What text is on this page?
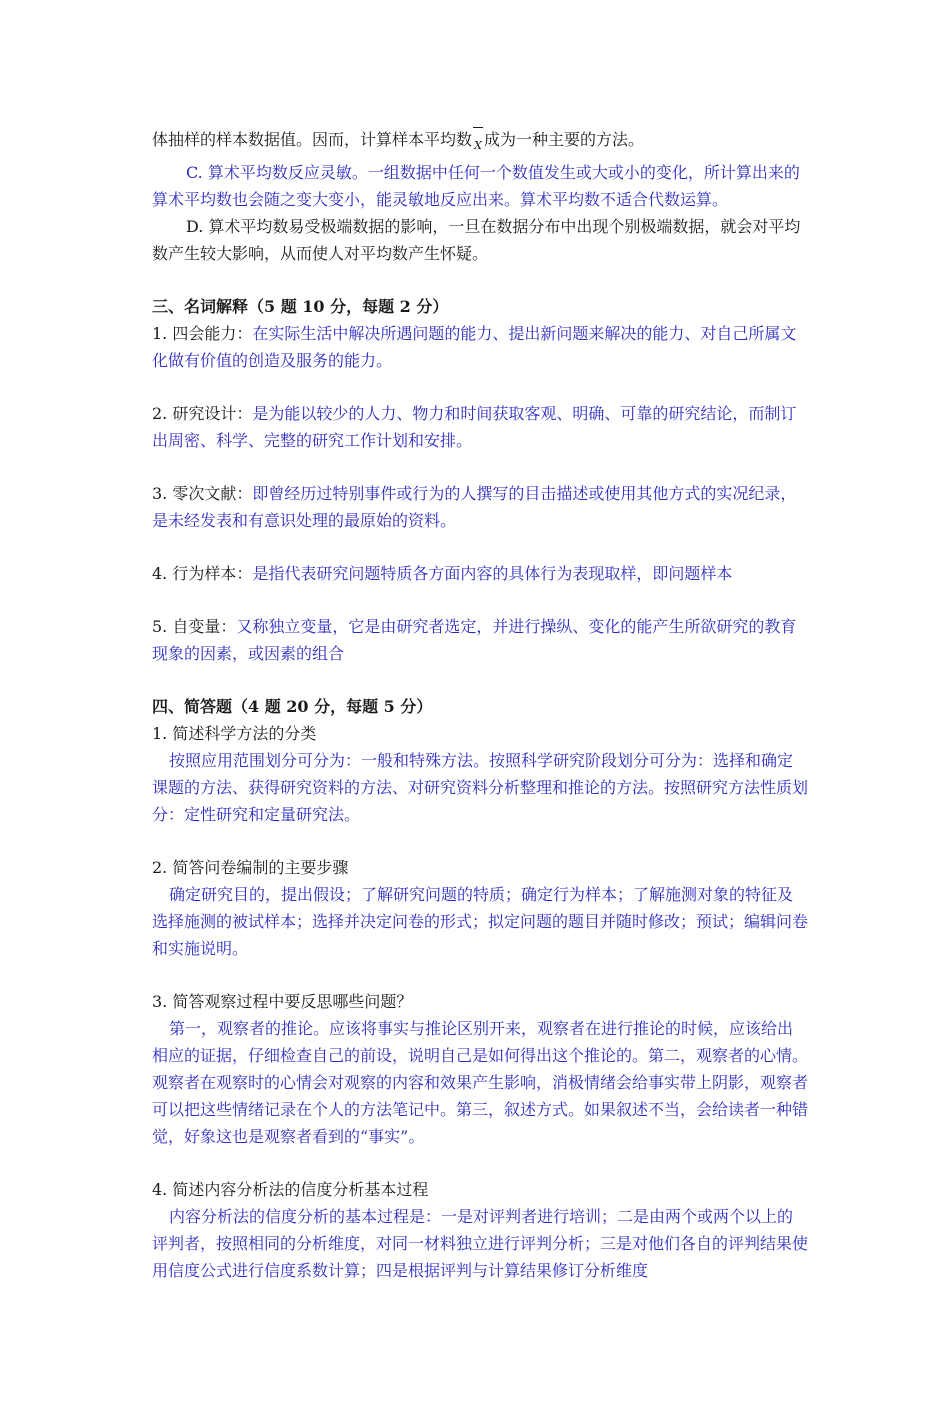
体抽样的样本数据值。因而，计算样本平均数 X 成为一种主要的方法。

C. 算术平均数反应灵敏。一组数据中任何一个数值发生或大或小的变化，所计算出来的算术平均数也会随之变大变小，能灵敏地反应出来。算术平均数不适合代数运算。

D. 算术平均数易受极端数据的影响，一旦在数据分布中出现个别极端数据，就会对平均数产生较大影响，从而使人对平均数产生怀疑。

三、名词解释（5 题 10 分，每题 2 分）

1. 四会能力：在实际生活中解决所遇问题的能力、提出新问题来解决的能力、对自己所属文化做有价值的创造及服务的能力。

2. 研究设计：是为能以较少的人力、物力和时间获取客观、明确、可靠的研究结论，而制订出周密、科学、完整的研究工作计划和安排。

3. 零次文献：即曾经历过特别事件或行为的人撰写的目击描述或使用其他方式的实况纪录，是未经发表和有意识处理的最原始的资料。

4. 行为样本：是指代表研究问题特质各方面内容的具体行为表现取样，即问题样本

5. 自变量：又称独立变量，它是由研究者选定，并进行操纵、变化的能产生所欲研究的教育现象的因素，或因素的组合

四、简答题（4 题 20 分，每题 5 分）

1. 简述科学方法的分类

按照应用范围划分可分为：一般和特殊方法。按照科学研究阶段划分可分为：选择和确定课题的方法、获得研究资料的方法、对研究资料分析整理和推论的方法。按照研究方法性质划分：定性研究和定量研究法。

2. 简答问卷编制的主要步骤

确定研究目的，提出假设；了解研究问题的特质；确定行为样本；了解施测对象的特征及选择施测的被试样本；选择并决定问卷的形式；拟定问题的题目并随时修改；预试；编辑问卷和实施说明。

3. 简答观察过程中要反思哪些问题？

第一，观察者的推论。应该将事实与推论区别开来，观察者在进行推论的时候，应该给出相应的证据，仔细检查自己的前设，说明自己是如何得出这个推论的。第二，观察者的心情。观察者在观察时的心情会对观察的内容和效果产生影响，消极情绪会给事实带上阴影，观察者可以把这些情绪记录在个人的方法笔记中。第三，叙述方式。如果叙述不当，会给读者一种错觉，好象这也是观察者看到的“事实”。

4. 简述内容分析法的信度分析基本过程

内容分析法的信度分析的基本过程是：一是对评判者进行培训；二是由两个或两个以上的评判者，按照相同的分析维度，对同一材料独立进行评判分析；三是对他们各自的评判结果使用信度公式进行信度系数计算；四是根据评判与计算结果修订分析维度
